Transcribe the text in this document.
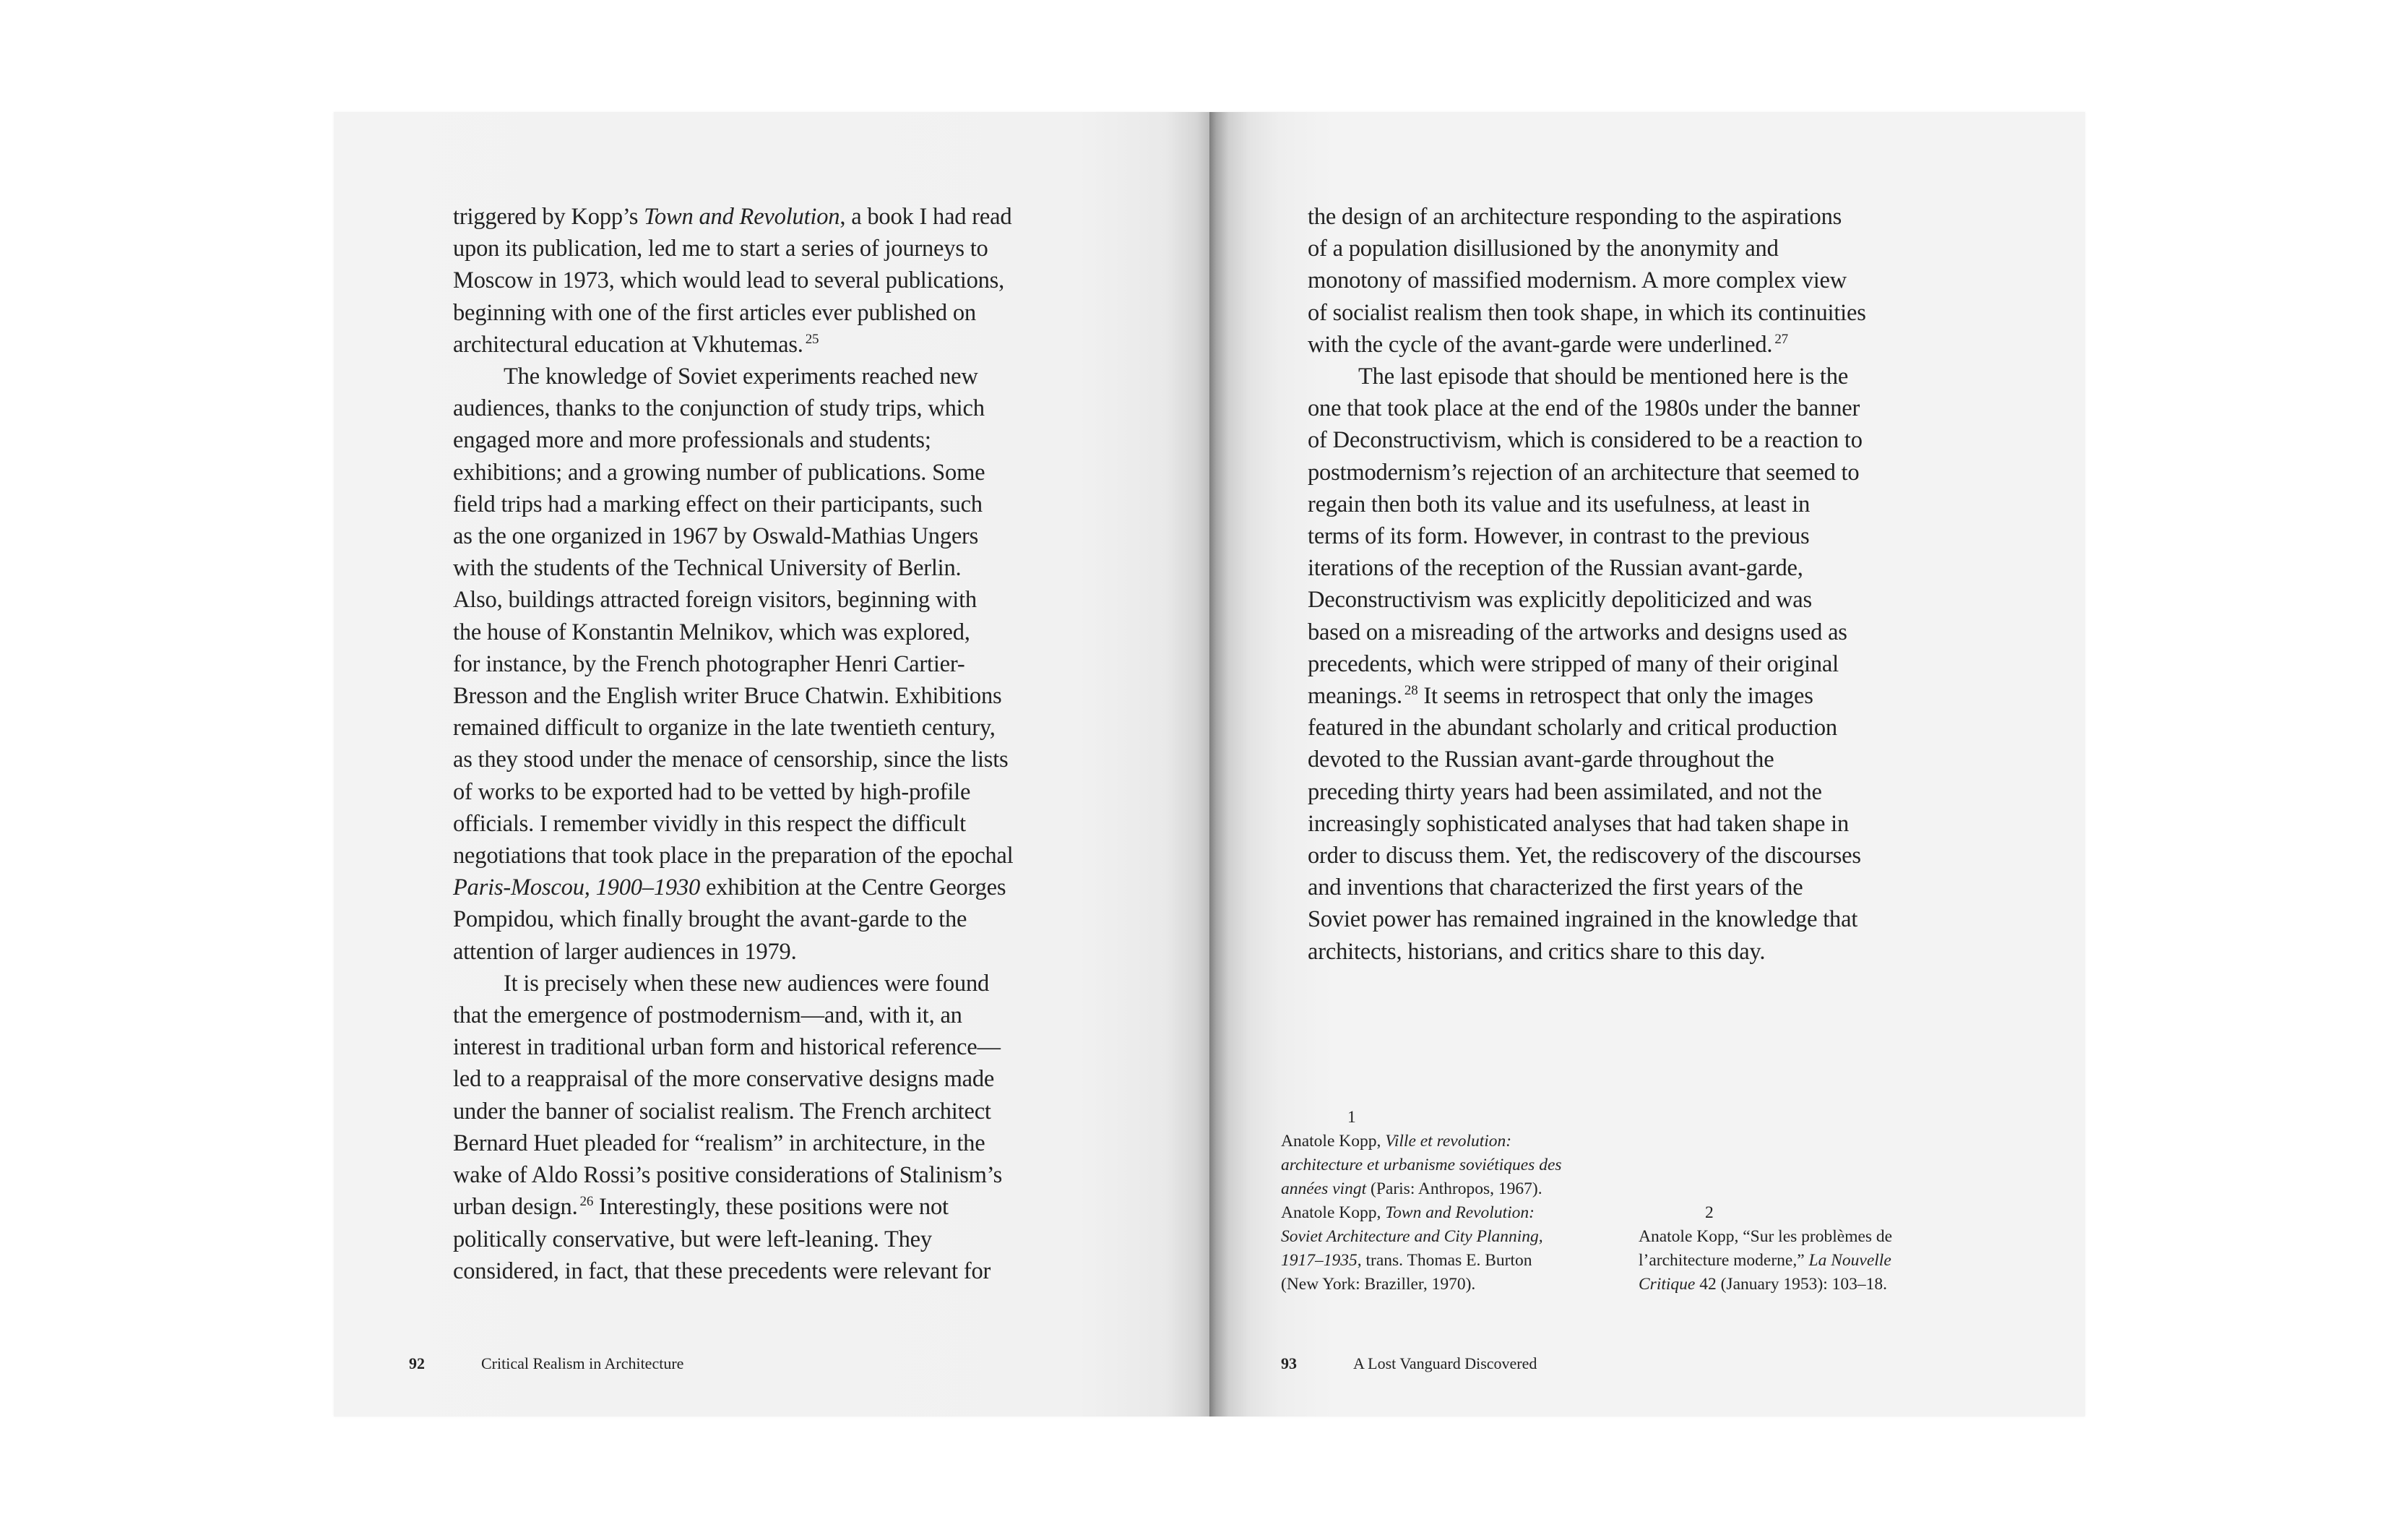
triggered by Kopp’s Town and Revolution, a book I had read
upon its publication, led me to start a series of journeys to
Moscow in 1973, which would lead to several publications,
beginning with one of the first articles ever published on
architectural education at Vkhutemas. $^{25}$
The knowledge of Soviet experiments reached new
audiences, thanks to the conjunction of study trips, which
engaged more and more professionals and students;
exhibitions; and a growing number of publications. Some
field trips had a marking effect on their participants, such
as the one organized in 1967 by Oswald-Mathias Ungers
with the students of the Technical University of Berlin.
Also, buildings attracted foreign visitors, beginning with
the house of Konstantin Melnikov, which was explored,
for instance, by the French photographer Henri Cartier-
Bresson and the English writer Bruce Chatwin. Exhibitions
remained difficult to organize in the late twentieth century,
as they stood under the menace of censorship, since the lists
of works to be exported had to be vetted by high-profile
officials. I remember vividly in this respect the difficult
negotiations that took place in the preparation of the epochal
Paris-Moscou, 1900–1930 exhibition at the Centre Georges
Pompidou, which finally brought the avant-garde to the
attention of larger audiences in 1979.
It is precisely when these new audiences were found
that the emergence of postmodernism—and, with it, an
interest in traditional urban form and historical reference—
led to a reappraisal of the more conservative designs made
under the banner of socialist realism. The French architect
Bernard Huet pleaded for “realism” in architecture, in the
wake of Aldo Rossi’s positive considerations of Stalinism’s
urban design. $^{26}$ Interestingly, these positions were not
politically conservative, but were left-leaning. They
considered, in fact, that these precedents were relevant for
92	Critical Realism in Architecture
the design of an architecture responding to the aspirations
of a population disillusioned by the anonymity and
monotony of massified modernism. A more complex view
of socialist realism then took shape, in which its continuities
with the cycle of the avant-garde were underlined. $^{27}$
The last episode that should be mentioned here is the
one that took place at the end of the 1980s under the banner
of Deconstructivism, which is considered to be a reaction to
postmodernism’s rejection of an architecture that seemed to
regain then both its value and its usefulness, at least in
terms of its form. However, in contrast to the previous
iterations of the reception of the Russian avant-garde,
Deconstructivism was explicitly depoliticized and was
based on a misreading of the artworks and designs used as
precedents, which were stripped of many of their original
meanings. $^{28}$ It seems in retrospect that only the images
featured in the abundant scholarly and critical production
devoted to the Russian avant-garde throughout the
preceding thirty years had been assimilated, and not the
increasingly sophisticated analyses that had taken shape in
order to discuss them. Yet, the rediscovery of the discourses
and inventions that characterized the first years of the
Soviet power has remained ingrained in the knowledge that
architects, historians, and critics share to this day.
1
Anatole Kopp, Ville et revolution:
architecture et urbanisme soviétiques des
années vingt (Paris: Anthropos, 1967).
Anatole Kopp, Town and Revolution:
Soviet Architecture and City Planning,
1917–1935, trans. Thomas E. Burton
(New York: Braziller, 1970).
2
Anatole Kopp, “Sur les problèmes de
l’architecture moderne,” La Nouvelle
Critique 42 (January 1953): 103–18.
93	A Lost Vanguard Discovered
